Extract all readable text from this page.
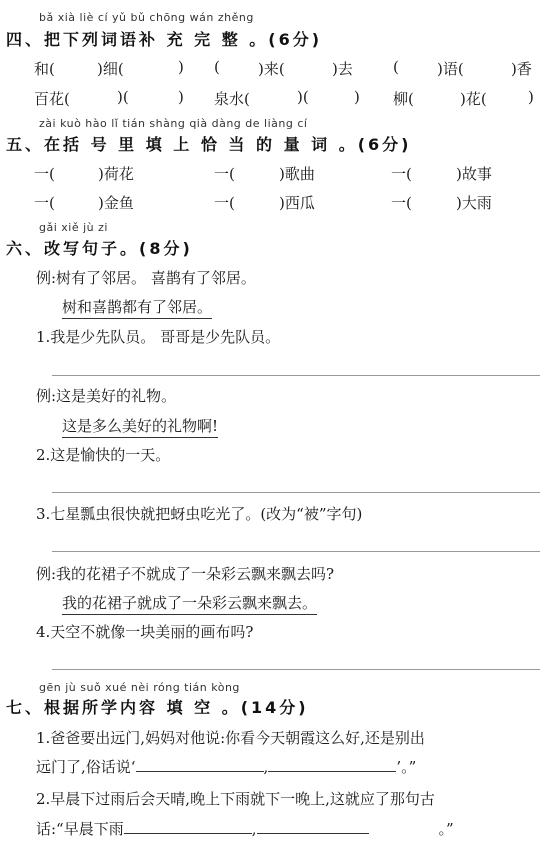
bǎ xià liè cí yǔ bǔ chōng wán zhěng
四、把下列词语补 充 完 整 。(6分)
和(	)细(	) (	)来(	)去	(	)语(	)香
百花(	)(	) 泉水(	)(	) 柳(	)花(	)
zài kuò hào lǐ tián shàng qià dàng de liàng cí
五、在括 号 里 填 上 恰 当 的 量 词 。(6分)
一(	)荷花	一(	)歌曲	一(	)故事
一(	)金鱼	一(	)西瓜	一(	)大雨
gǎi xiě jù zi
六、改写句子。(8分)
例:树有了邻居。 喜鹊有了邻居。
树和喜鹊都有了邻居。
1.我是少先队员。 哥哥是少先队员。
例:这是美好的礼物。
这是多么美好的礼物啊!
2.这是愉快的一天。
3.七星瓢虫很快就把蚜虫吃光了。(改为“被”字句)
例:我的花裙子不就成了一朵彩云飘来飘去吗?
我的花裙子就成了一朵彩云飘来飘去。
4.天空不就像一块美丽的画布吗?
gēn jù suǒ xué nèi róng tián kòng
七、根据所学内容 填 空 。(14分)
1.爸爸要出远门,妈妈对他说:你看今天朝霞这么好,还是别出
远门了,俗话说‘	,	’。”
2.早晨下过雨后会天晴,晚上下雨就下一晚上,这就应了那句古
话:“早晨下雨	,	。”
